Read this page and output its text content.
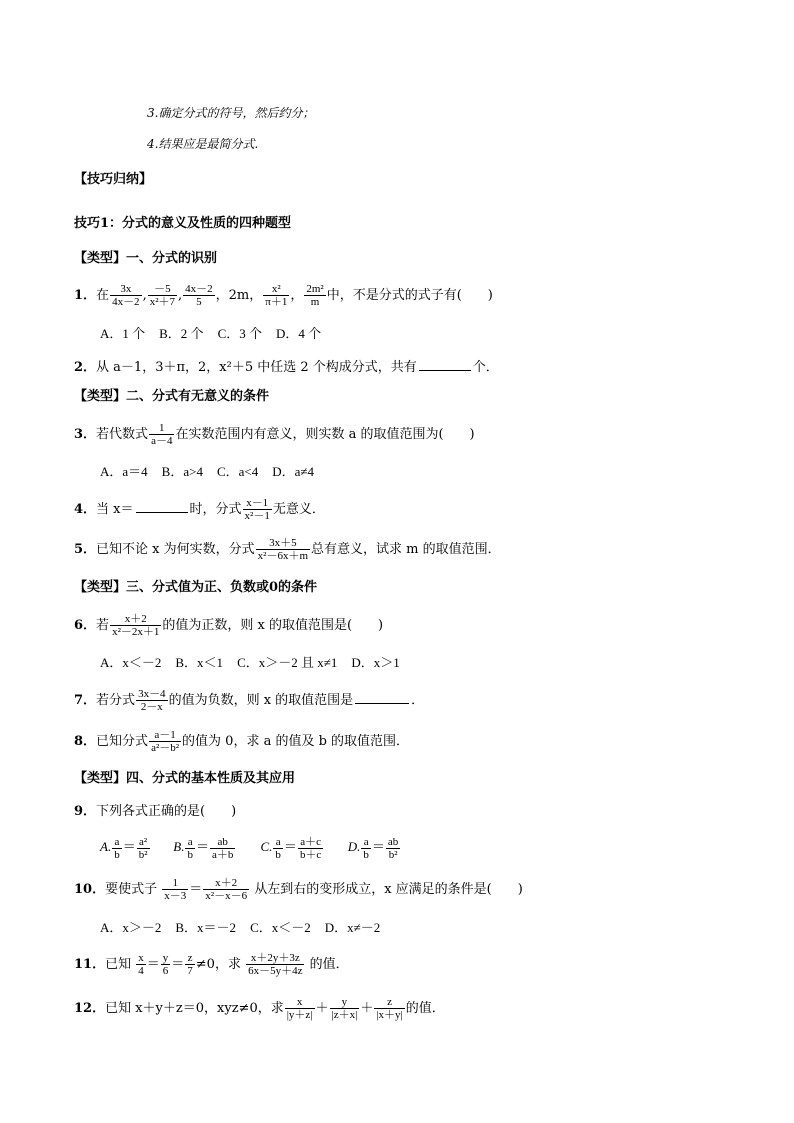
3.确定分式的符号，然后约分；
4.结果应是最简分式.
【技巧归纳】
技巧1：分式的意义及性质的四种题型
【类型】一、分式的识别
1．在 $\frac{3x}{4x-2}$ , $\frac{-5}{\text{x²＋7}}$ , $\frac{4x-2}{5}$ ，2m， $\frac{\text{x²}}{\pi+1}$ ， $\frac{\text{2m²}}{m}$ 中，不是分式的式子有( )
A．1 个 B．2 个 C．3 个 D．4 个
2．从 a－1，3＋π，2，x²＋5 中任选 2 个构成分式，共有	个．
【类型】二、分式有无意义的条件
3．若代数式 $\frac{1}{a-4}$ 在实数范围内有意义，则实数 a 的取值范围为( )
A．a＝4 B．a>4 C．a<4 D．a≠4
4．当 x＝	时，分式 $\frac{x-1}{\text{x²－1}}$ 无意义．
5．已知不论 x 为何实数，分式 $\frac{3x+5}{\text{x²－6x＋m}}$ 总有意义，试求 m 的取值范围．
【类型】三、分式值为正、负数或0的条件
6．若 $\frac{x+2}{\text{x²－2x＋1}}$ 的值为正数，则 x 的取值范围是( )
A．x＜－2 B．x＜1 C．x＞－2 且 x≠1 D．x＞1
7．若分式 $\frac{3x-4}{2-x}$ 的值为负数，则 x 的取值范围是	．
8．已知分式 $\frac{a-1}{\text{a²－b²}}$ 的值为 0，求 a 的值及 b 的取值范围．
【类型】四、分式的基本性质及其应用
9．下列各式正确的是( )
A. $\frac{a}{b} = \frac{\text{a²}}{\text{b²}} B$. $\frac{a}{b} = \frac{ab}{a+b} C$. $\frac{a}{b} = \frac{a+c}{b+c} D$. $\frac{a}{b} = \frac{ab}{\text{b²}}$
10．要使式子 $\frac{1}{x-3} = \frac{x+2}{\text{x²－x－6}}$ 从左到右的变形成立，x 应满足的条件是( )
A．x＞－2 B．x＝－2 C．x＜－2 D．x≠－2
11．已知 $\frac{x}{4} = \frac{y}{6} = \frac{z}{7} \ne 0$，求 $\frac{x+2y+3z}{6x-5y+4z}$ 的值．
12．已知 x＋y＋z＝0，xyz≠0，求 $\frac{x}{|y+z|} + \frac{y}{|z+x|} + \frac{z}{|x+y|}$ 的值．
